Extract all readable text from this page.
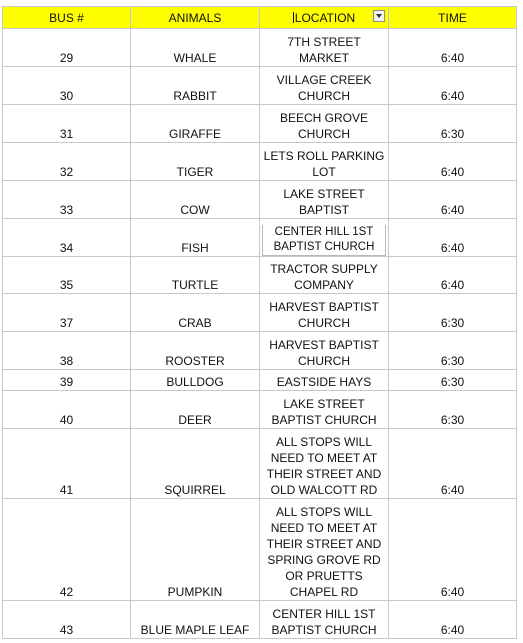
BUS #	ANIMALS	LOCATION	TIME
29	WHALE	7TH STREET MARKET	6:40
30	RABBIT	VILLAGE CREEK CHURCH	6:40
31	GIRAFFE	BEECH GROVE CHURCH	6:30
32	TIGER	LETS ROLL PARKING LOT	6:40
33	COW	LAKE STREET BAPTIST	6:40
34	FISH	CENTER HILL 1ST BAPTIST CHURCH	6:40
35	TURTLE	TRACTOR SUPPLY COMPANY	6:40
37	CRAB	HARVEST BAPTIST CHURCH	6:30
38	ROOSTER	HARVEST BAPTIST CHURCH	6:30
39	BULLDOG	EASTSIDE HAYS	6:30
40	DEER	LAKE STREET BAPTIST CHURCH	6:30
41	SQUIRREL	ALL STOPS WILL NEED TO MEET AT THEIR STREET AND OLD WALCOTT RD	6:40
42	PUMPKIN	ALL STOPS WILL NEED TO MEET AT THEIR STREET AND SPRING GROVE RD OR PRUETTS CHAPEL RD	6:40
43	BLUE MAPLE LEAF	CENTER HILL 1ST BAPTIST CHURCH	6:40
